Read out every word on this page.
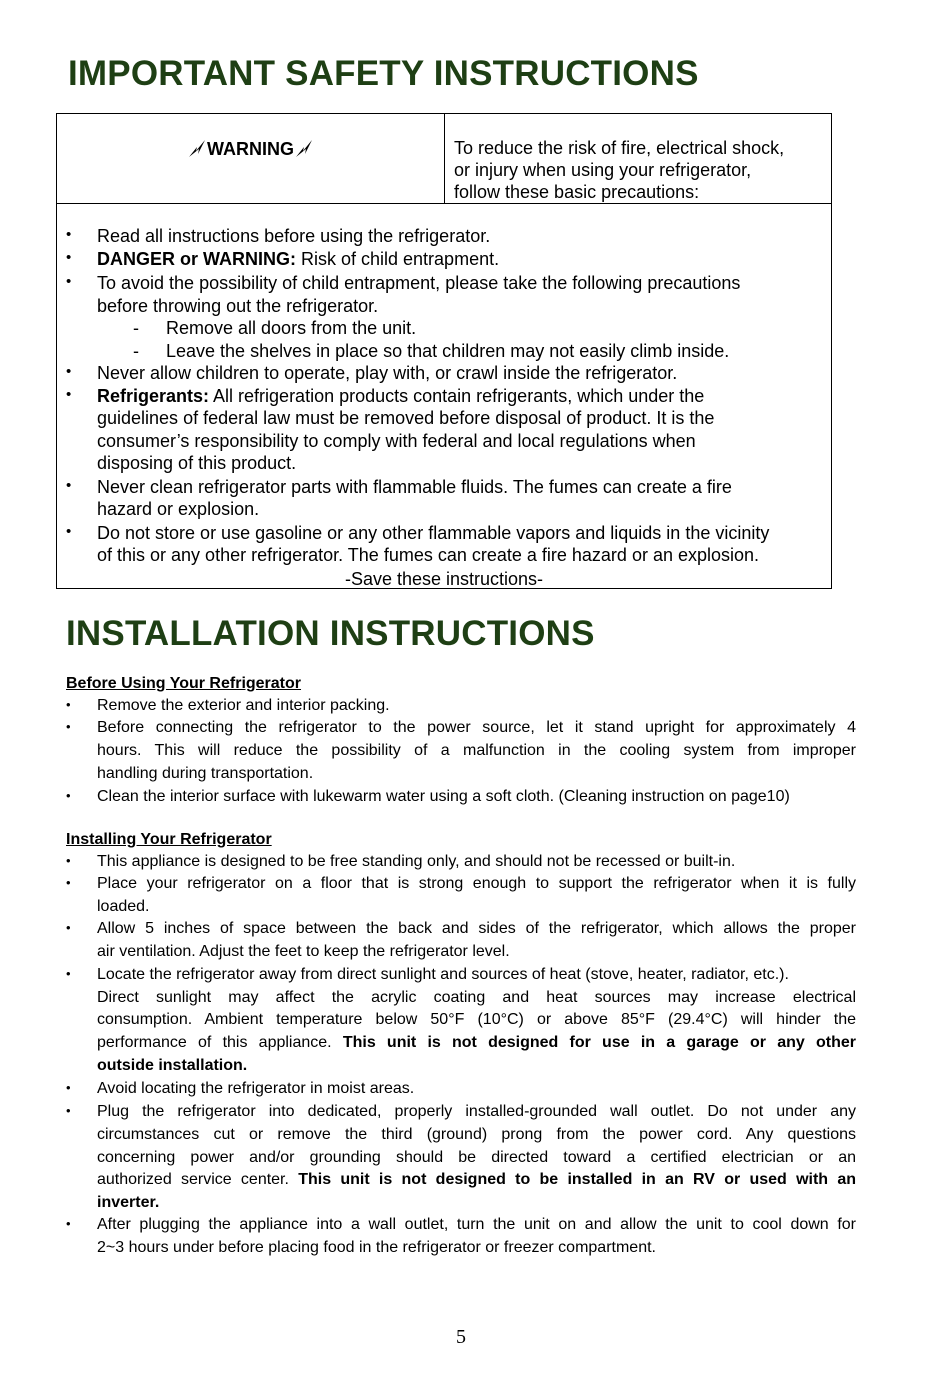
IMPORTANT SAFETY INSTRUCTIONS
WARNING	To reduce the risk of fire, electrical shock,
or injury when using your refrigerator,
follow these basic precautions:
• Read all instructions before using the refrigerator.
• DANGER or WARNING: Risk of child entrapment.
• To avoid the possibility of child entrapment, please take the following precautions
before throwing out the refrigerator.
- Remove all doors from the unit.
- Leave the shelves in place so that children may not easily climb inside.
• Never allow children to operate, play with, or crawl inside the refrigerator.
• Refrigerants: All refrigeration products contain refrigerants, which under the
guidelines of federal law must be removed before disposal of product. It is the
consumer’s responsibility to comply with federal and local regulations when
disposing of this product.
• Never clean refrigerator parts with flammable fluids. The fumes can create a fire
hazard or explosion.
• Do not store or use gasoline or any other flammable vapors and liquids in the vicinity
of this or any other refrigerator. The fumes can create a fire hazard or an explosion.
-Save these instructions-
INSTALLATION INSTRUCTIONS
Before Using Your Refrigerator
• Remove the exterior and interior packing.
• Before connecting the refrigerator to the power source, let it stand upright for approximately 4
hours. This will reduce the possibility of a malfunction in the cooling system from improper
handling during transportation.
• Clean the interior surface with lukewarm water using a soft cloth. (Cleaning instruction on page10)
Installing Your Refrigerator
• This appliance is designed to be free standing only, and should not be recessed or built-in.
• Place your refrigerator on a floor that is strong enough to support the refrigerator when it is fully
loaded.
• Allow 5 inches of space between the back and sides of the refrigerator, which allows the proper
air ventilation. Adjust the feet to keep the refrigerator level.
• Locate the refrigerator away from direct sunlight and sources of heat (stove, heater, radiator, etc.).
Direct sunlight may affect the acrylic coating and heat sources may increase electrical
consumption. Ambient temperature below 50°F (10°C) or above 85°F (29.4°C) will hinder the
performance of this appliance. This unit is not designed for use in a garage or any other
outside installation.
• Avoid locating the refrigerator in moist areas.
• Plug the refrigerator into dedicated, properly installed-grounded wall outlet. Do not under any
circumstances cut or remove the third (ground) prong from the power cord. Any questions
concerning power and/or grounding should be directed toward a certified electrician or an
authorized service center. This unit is not designed to be installed in an RV or used with an
inverter.
• After plugging the appliance into a wall outlet, turn the unit on and allow the unit to cool down for
2~3 hours under before placing food in the refrigerator or freezer compartment.
5
